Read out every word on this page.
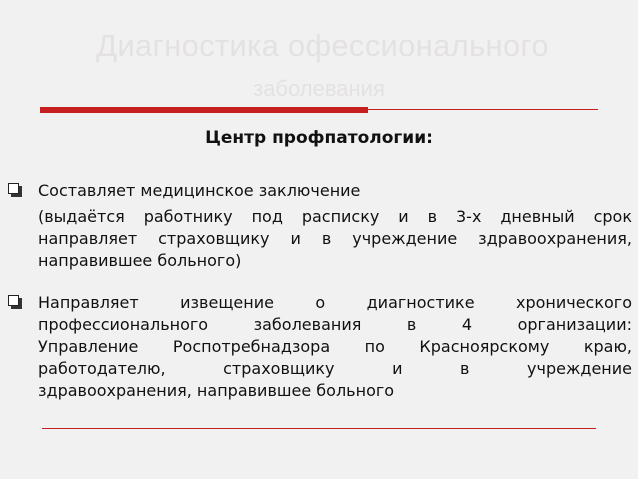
Диагностика офессионального
заболевания
Центр профпатологии:
Составляет медицинское заключение
(выдаётся работнику под расписку и в 3-х дневный срок
направляет страховщику и в учреждение здравоохранения,
направившее больного)
Направляет извещение о диагностике хронического
профессионального заболевания в 4 организации:
Управление Роспотребнадзора по Красноярскому краю,
работодателю, страховщику и в учреждение
здравоохранения, направившее больного
